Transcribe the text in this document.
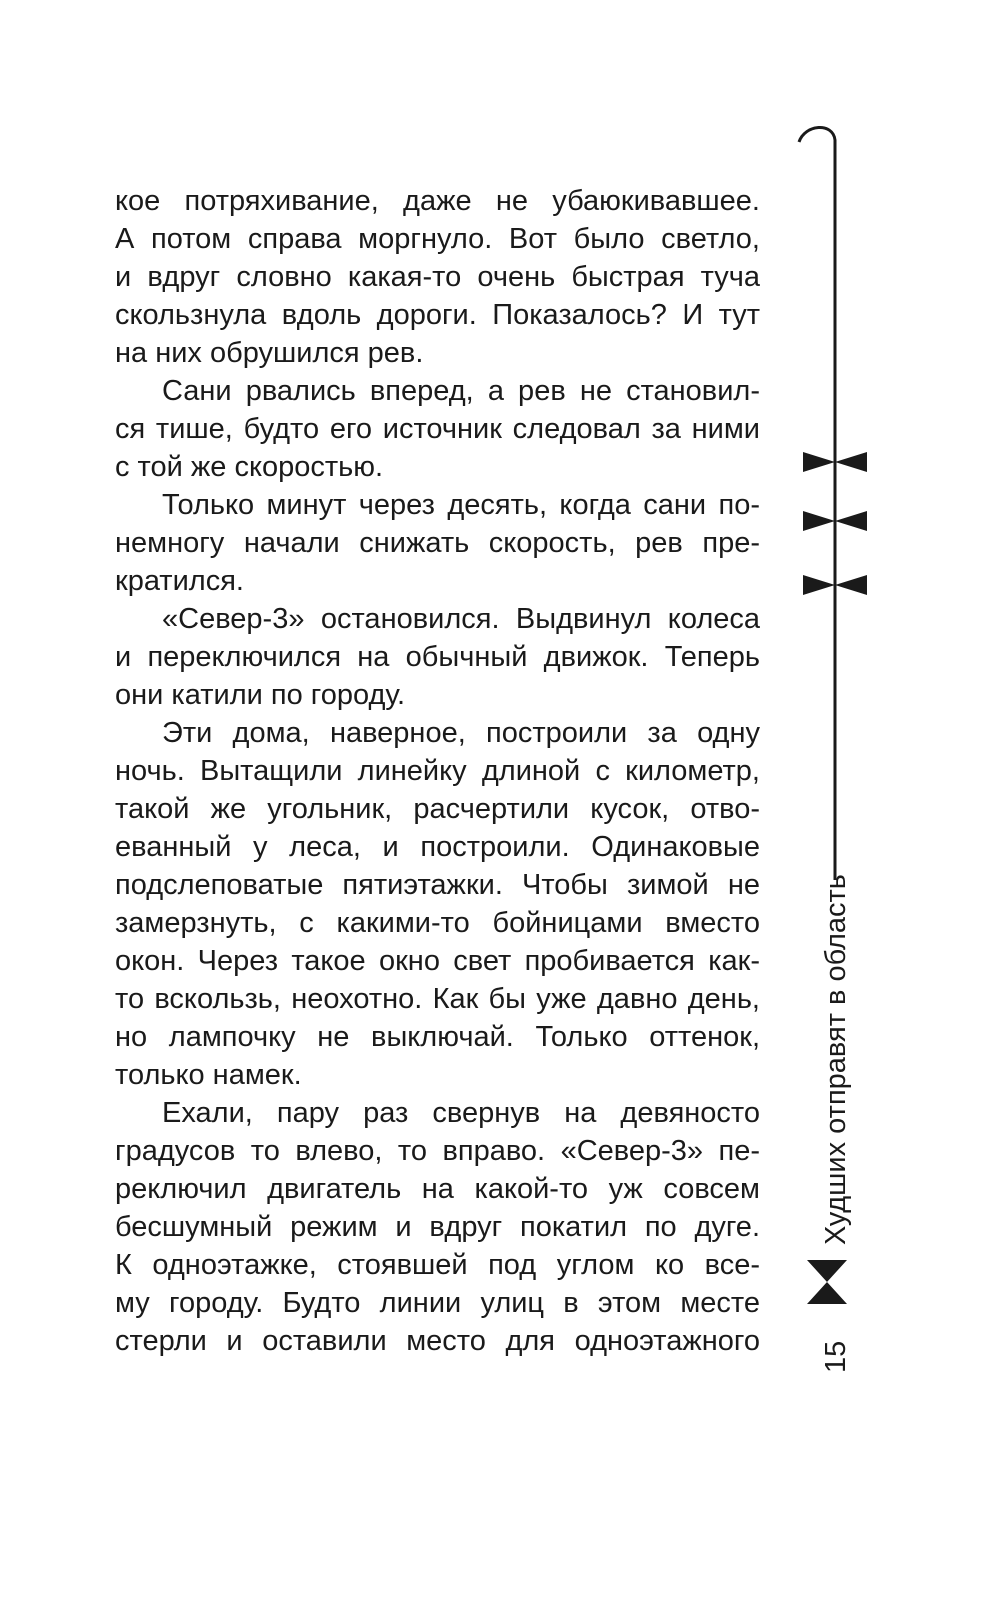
кое потряхивание, даже не убаюкивавшее.
А потом справа моргнуло. Вот было светло,
и вдруг словно какая-то очень быстрая туча
скользнула вдоль дороги. Показалось? И тут
на них обрушился рев.
Сани рвались вперед, а рев не становил-
ся тише, будто его источник следовал за ними
с той же скоростью.
Только минут через десять, когда сани по-
немногу начали снижать скорость, рев пре-
кратился.
«Север-3» остановился. Выдвинул колеса
и переключился на обычный движок. Теперь
они катили по городу.
Эти дома, наверное, построили за одну
ночь. Вытащили линейку длиной с километр,
такой же угольник, расчертили кусок, отво-
еванный у леса, и построили. Одинаковые
подслеповатые пятиэтажки. Чтобы зимой не
замерзнуть, с какими-то бойницами вместо
окон. Через такое окно свет пробивается как-
то вскользь, неохотно. Как бы уже давно день,
но лампочку не выключай. Только оттенок,
только намек.
Ехали, пару раз свернув на девяносто
градусов то влево, то вправо. «Север-3» пе-
реключил двигатель на какой-то уж совсем
бесшумный режим и вдруг покатил по дуге.
К одноэтажке, стоявшей под углом ко все-
му городу. Будто линии улиц в этом месте
стерли и оставили место для одноэтажного
Худших отправят в область
15
